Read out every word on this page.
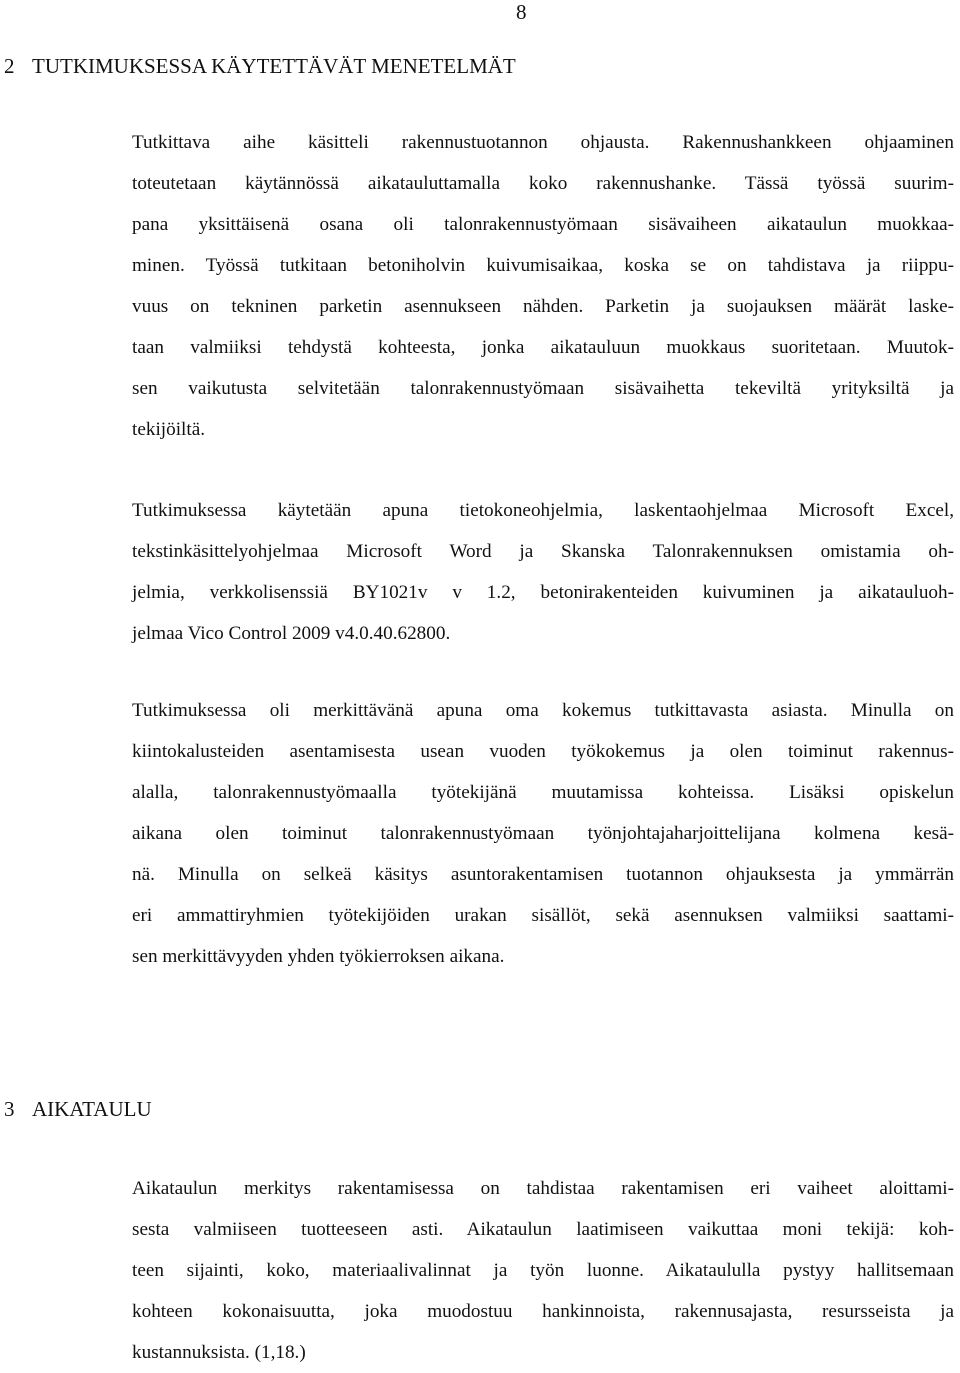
8
2 TUTKIMUKSESSA KÄYTETTÄVÄT MENETELMÄT
Tutkittava aihe käsitteli rakennustuotannon ohjausta. Rakennushankkeen ohjaaminen
toteutetaan käytännössä aikatauluttamalla koko rakennushanke. Tässä työssä suurim-
pana yksittäisenä osana oli talonrakennustyömaan sisävaiheen aikataulun muokkaa-
minen. Työssä tutkitaan betoniholvin kuivumisaikaa, koska se on tahdistava ja riippu-
vuus on tekninen parketin asennukseen nähden. Parketin ja suojauksen määrät laske-
taan valmiiksi tehdystä kohteesta, jonka aikatauluun muokkaus suoritetaan. Muutok-
sen vaikutusta selvitetään talonrakennustyömaan sisävaihetta tekeviltä yrityksiltä ja
tekijöiltä.
Tutkimuksessa käytetään apuna tietokoneohjelmia, laskentaohjelmaa Microsoft Excel,
tekstinkäsittelyohjelmaa Microsoft Word ja Skanska Talonrakennuksen omistamia oh-
jelmia, verkkolisenssiä BY1021v v 1.2, betonirakenteiden kuivuminen ja aikatauluoh-
jelmaa Vico Control 2009 v4.0.40.62800.
Tutkimuksessa oli merkittävänä apuna oma kokemus tutkittavasta asiasta. Minulla on
kiintokalusteiden asentamisesta usean vuoden työkokemus ja olen toiminut rakennus-
alalla, talonrakennustyömaalla työtekijänä muutamissa kohteissa. Lisäksi opiskelun
aikana olen toiminut talonrakennustyömaan työnjohtajaharjoittelijana kolmena kesä-
nä. Minulla on selkeä käsitys asuntorakentamisen tuotannon ohjauksesta ja ymmärrän
eri ammattiryhmien työtekijöiden urakan sisällöt, sekä asennuksen valmiiksi saattami-
sen merkittävyyden yhden työkierroksen aikana.
3 AIKATAULU
Aikataulun merkitys rakentamisessa on tahdistaa rakentamisen eri vaiheet aloittami-
sesta valmiiseen tuotteeseen asti. Aikataulun laatimiseen vaikuttaa moni tekijä: koh-
teen sijainti, koko, materiaalivalinnat ja työn luonne. Aikataululla pystyy hallitsemaan
kohteen kokonaisuutta, joka muodostuu hankinnoista, rakennusajasta, resursseista ja
kustannuksista. (1,18.)
